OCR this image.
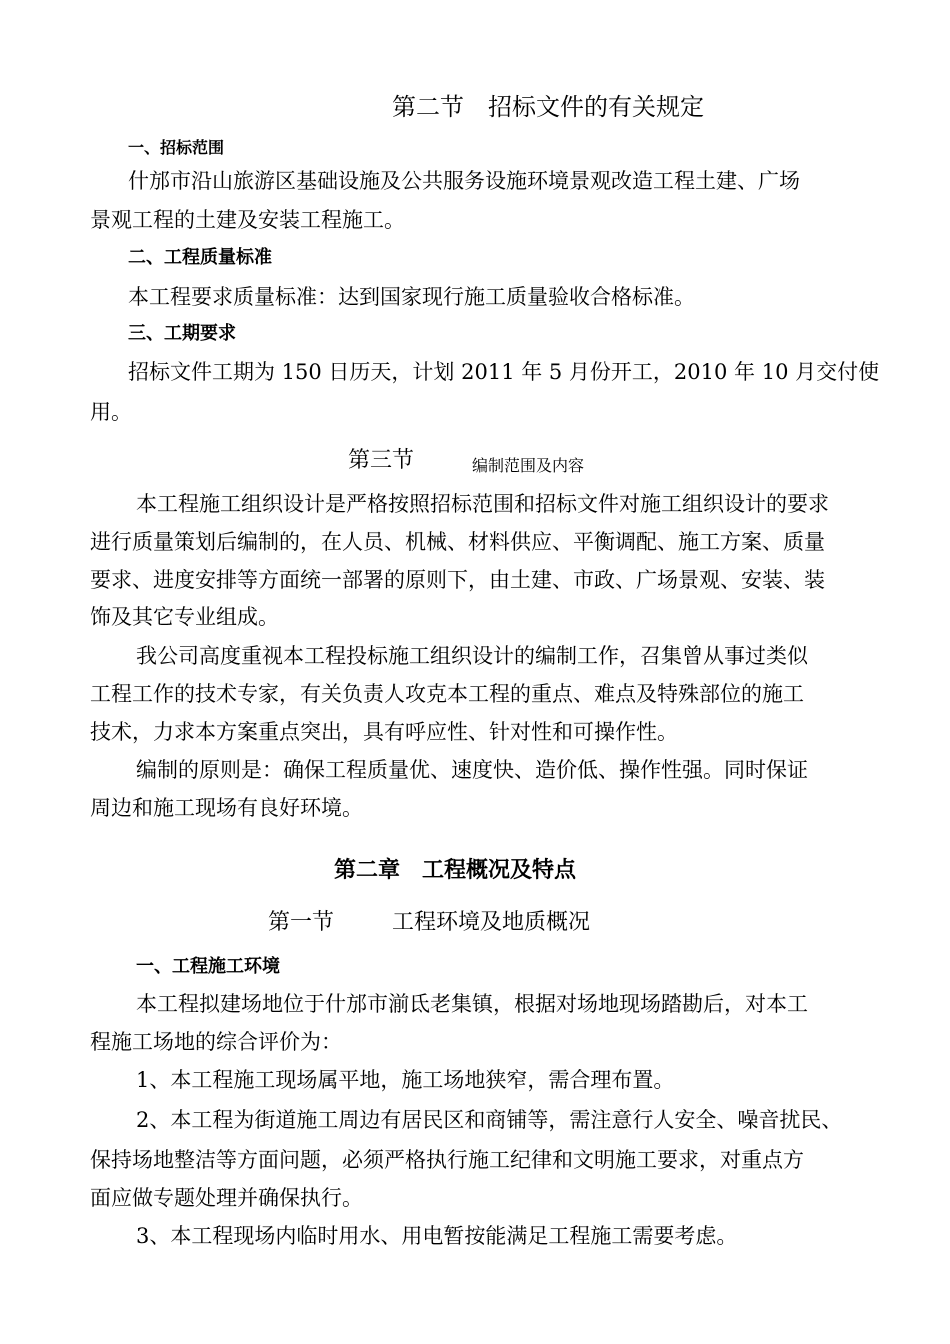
第二节　招标文件的有关规定
一、招标范围
什邡市沿山旅游区基础设施及公共服务设施环境景观改造工程土建、广场
景观工程的土建及安装工程施工。
二、工程质量标准
本工程要求质量标准：达到国家现行施工质量验收合格标准。
三、工期要求
招标文件工期为 150 日历天，计划 2011 年 5 月份开工，2010 年 10 月交付使
用。
第三节	编制范围及内容
本工程施工组织设计是严格按照招标范围和招标文件对施工组织设计的要求
进行质量策划后编制的，在人员、机械、材料供应、平衡调配、施工方案、质量
要求、进度安排等方面统一部署的原则下，由土建、市政、广场景观、安装、装
饰及其它专业组成。
我公司高度重视本工程投标施工组织设计的编制工作，召集曾从事过类似
工程工作的技术专家，有关负责人攻克本工程的重点、难点及特殊部位的施工
技术，力求本方案重点突出，具有呼应性、针对性和可操作性。
编制的原则是：确保工程质量优、速度快、造价低、操作性强。同时保证
周边和施工现场有良好环境。
第二章　工程概况及特点
第一节	工程环境及地质概况
一、工程施工环境
本工程拟建场地位于什邡市湔氐老集镇，根据对场地现场踏勘后，对本工
程施工场地的综合评价为：
1、本工程施工现场属平地，施工场地狭窄，需合理布置。
2、本工程为街道施工周边有居民区和商铺等，需注意行人安全、噪音扰民、
保持场地整洁等方面问题，必须严格执行施工纪律和文明施工要求，对重点方
面应做专题处理并确保执行。
3、本工程现场内临时用水、用电暂按能满足工程施工需要考虑。
